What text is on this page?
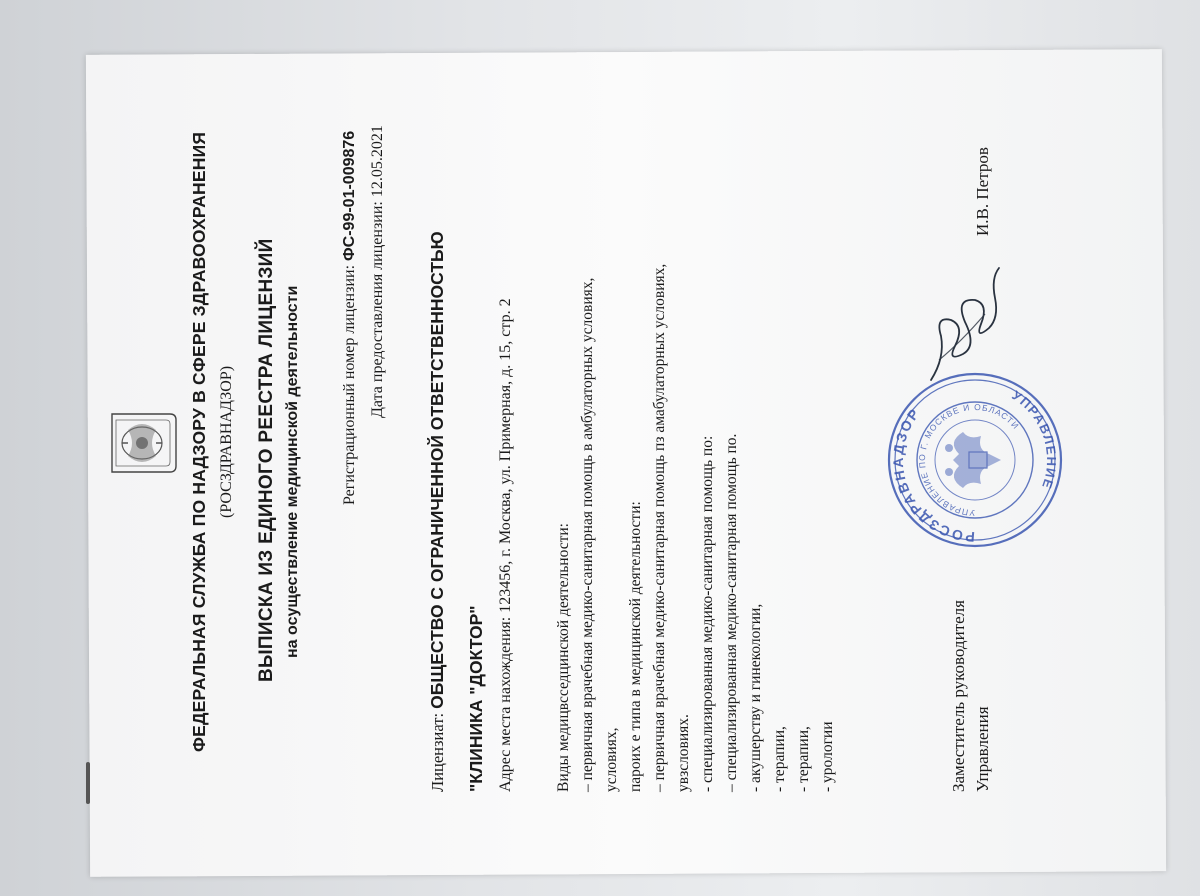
ФЕДЕРАЛЬНАЯ СЛУЖБА ПО НАДЗОРУ В СФЕРЕ ЗДРАВООХРАНЕНИЯ (РОСЗДРАВНАДЗОР) ВЫПИСКА ИЗ ЕДИНОГО РЕЕСТРА ЛИЦЕНЗИЙ на осуществление медицинской деятельности	Регистрационный номер лицензии: ФС-99-01-009876
Дата предоставления лицензии: 12.05.2021
Лицензиат: ОБЩЕСТВО С ОГРАНИЧЕННОЙ ОТВЕТСТВЕННОСТЬЮ "КЛИНИКА "ДОКТОР" Адрес места нахождения: 123456, г. Москва, ул. Примерная, д. 15, стр. 2	Виды медицвсседцинской деятельности: – первичная врачебная медико-санитарная помощь в амбулаторных условиях, условиях, пароих е типа в медицинской деятельности: – первичная врачебная медико-санитарная помощь пз амабулаторных условиях, увзсловиях. - специализированная медико-санитарная помощь по: – специализированная медико-санитарная помощь по. - акушерству и гинекологии, - терапии, - терапии, - урологии
РОСЗДРАВНАДЗОР
УПРАВЛЕНИЕ
УПРАВЛЕНИЕ ПО Г. МОСКВЕ И ОБЛАСТИ
Заместитель руководителя Управления
И.В. Петров
